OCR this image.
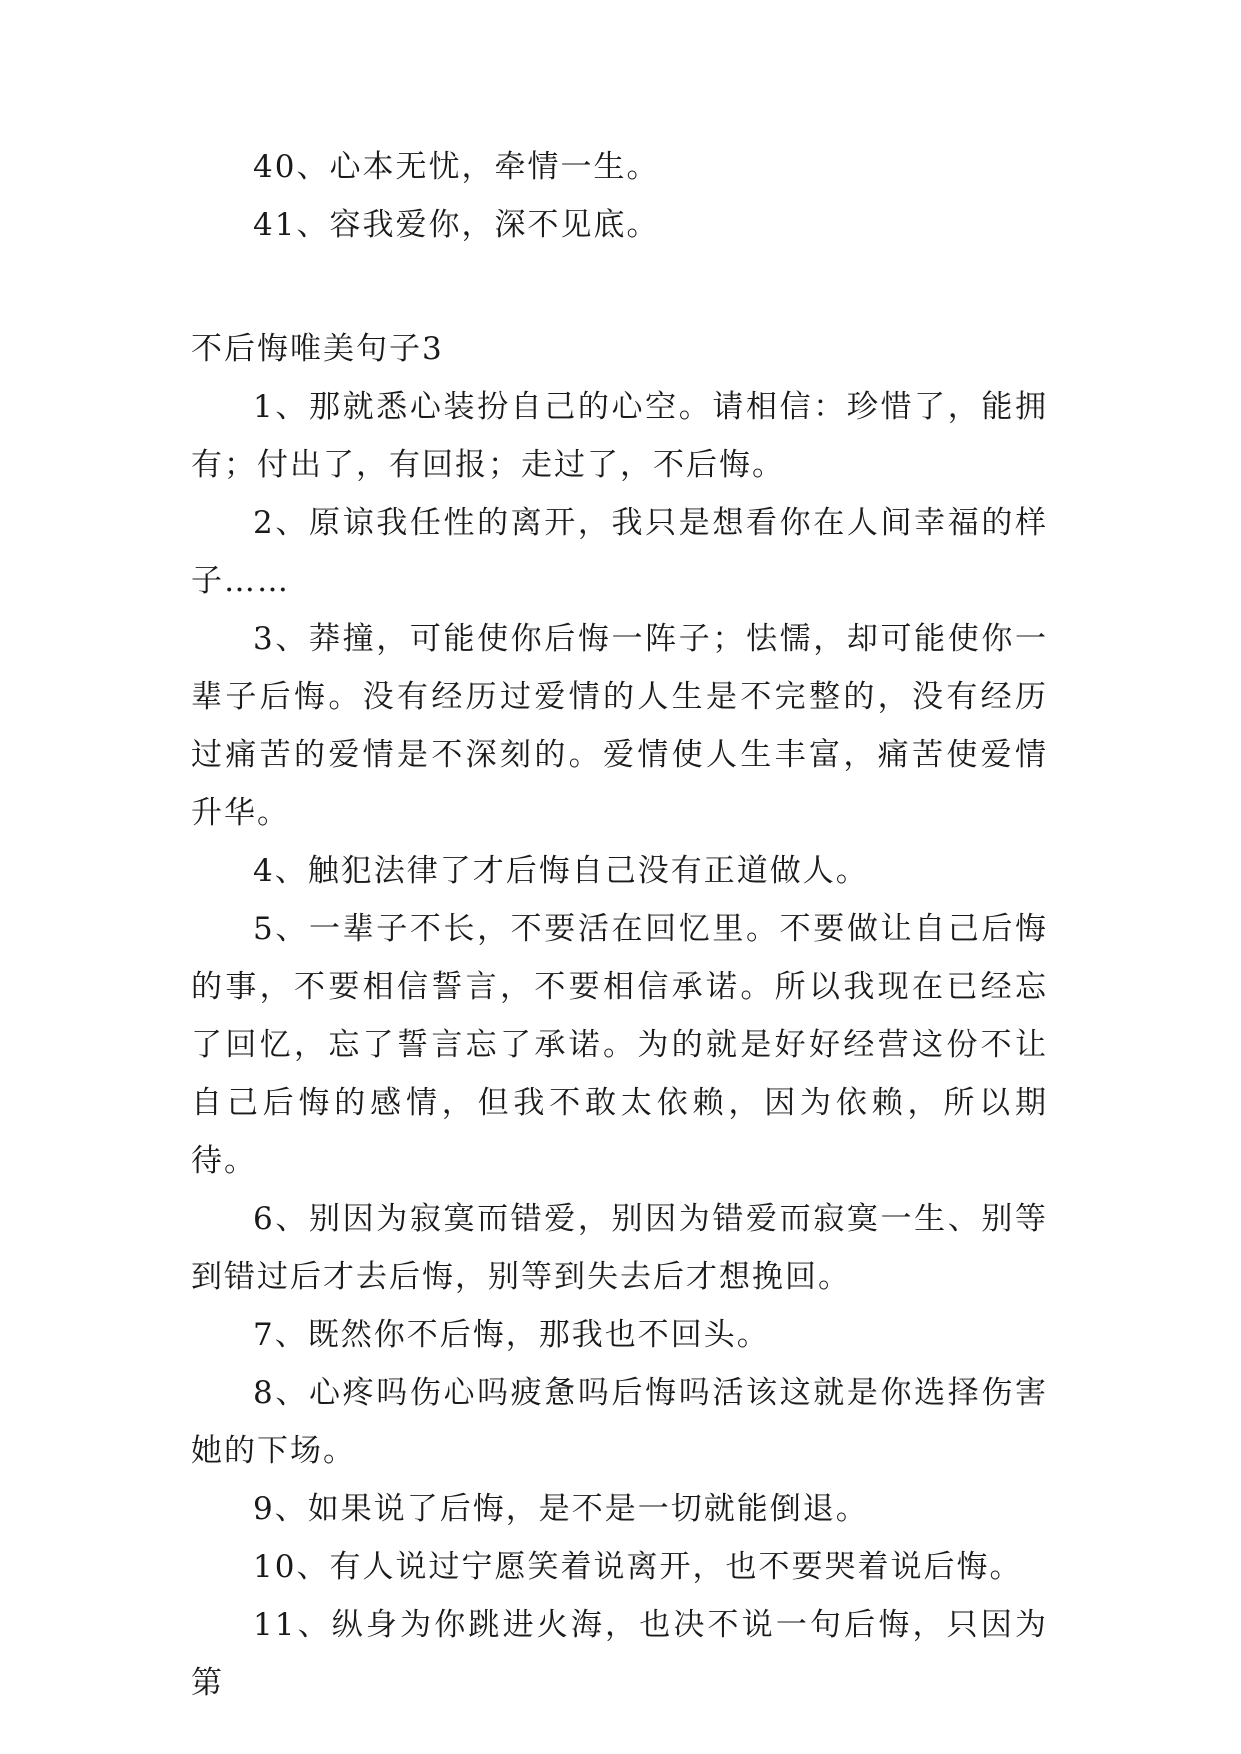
40、心本无忧，牵情一生。

41、容我爱你，深不见底。

不后悔唯美句子3

1、那就悉心装扮自己的心空。请相信：珍惜了，能拥有；付出了，有回报；走过了，不后悔。

2、原谅我任性的离开，我只是想看你在人间幸福的样子……

3、莽撞，可能使你后悔一阵子；怯懦，却可能使你一辈子后悔。没有经历过爱情的人生是不完整的，没有经历过痛苦的爱情是不深刻的。爱情使人生丰富，痛苦使爱情升华。

4、触犯法律了才后悔自己没有正道做人。

5、一辈子不长，不要活在回忆里。不要做让自己后悔的事，不要相信誓言，不要相信承诺。所以我现在已经忘了回忆，忘了誓言忘了承诺。为的就是好好经营这份不让自己后悔的感情，但我不敢太依赖，因为依赖，所以期待。

6、别因为寂寞而错爱，别因为错爱而寂寞一生、别等到错过后才去后悔，别等到失去后才想挽回。

7、既然你不后悔，那我也不回头。

8、心疼吗伤心吗疲惫吗后悔吗活该这就是你选择伤害她的下场。

9、如果说了后悔，是不是一切就能倒退。

10、有人说过宁愿笑着说离开，也不要哭着说后悔。

11、纵身为你跳进火海，也决不说一句后悔，只因为第
